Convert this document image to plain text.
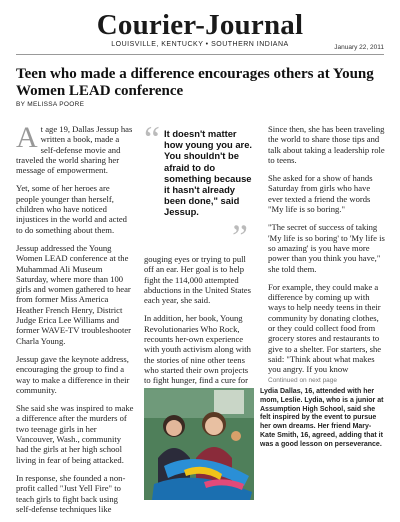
Courier-Journal
LOUISVILLE, KENTUCKY • SOUTHERN INDIANA	January 22, 2011
Teen who made a difference encourages others at Young Women LEAD conference
BY MELISSA POORE

At age 19, Dallas Jessup has written a book, made a self-defense movie and traveled the world sharing her message of empowerment.

Yet, some of her heroes are people younger than herself, children who have noticed injustices in the world and acted to do something about them.

Jessup addressed the Young Women LEAD conference at the Muhammad Ali Museum Saturday, where more than 100 girls and women gathered to hear from former Miss America Heather French Henry, District Judge Erica Lee Williams and former WAVE-TV troubleshooter Charla Young.

Jessup gave the keynote address, encouraging the group to find a way to make a difference in their community.

She said she was inspired to make a difference after the murders of two teenage girls in her Vancouver, Wash., community had the girls at her high school living in fear of being attacked.

In response, she founded a non-profit called "Just Yell Fire" to teach girls to fight back using self-defense techniques like

“ It doesn't matter how young you are. You shouldn't be afraid to do something because it hasn't already been done," said Jessup.
”

gouging eyes or trying to pull off an ear. Her goal is to help fight the 114,000 attempted abductions in the United States each year, she said.

In addition, her book, Young Revolutionaries Who Rock, recounts her-own experience with youth activism along with the stories of nine other teens who started their own projects to fight hunger, find a cure for

Since then, she has been traveling the world to share those tips and talk about taking a leadership role to teens.

She asked for a show of hands Saturday from girls who have ever texted a friend the words "My life is so boring."

"The secret of success of taking 'My life is so boring' to 'My life is so amazing' is you have more power than you think you have," she told them.

For example, they could make a difference by coming up with ways to help needy teens in their community by donating clothes, or they could collect food from grocery stores and restaurants to give to a shelter. For starters, she said: "Think about what makes you angry. If you know

Continued on next page
Lydia Dallas, 16, attended with her mom, Leslie. Lydia, who is a junior at Assumption High School, said she felt inspired by the event to pursue her own dreams. Her friend Mary-Kate Smith, 16, agreed, adding that it was a good lesson on perseverance.
